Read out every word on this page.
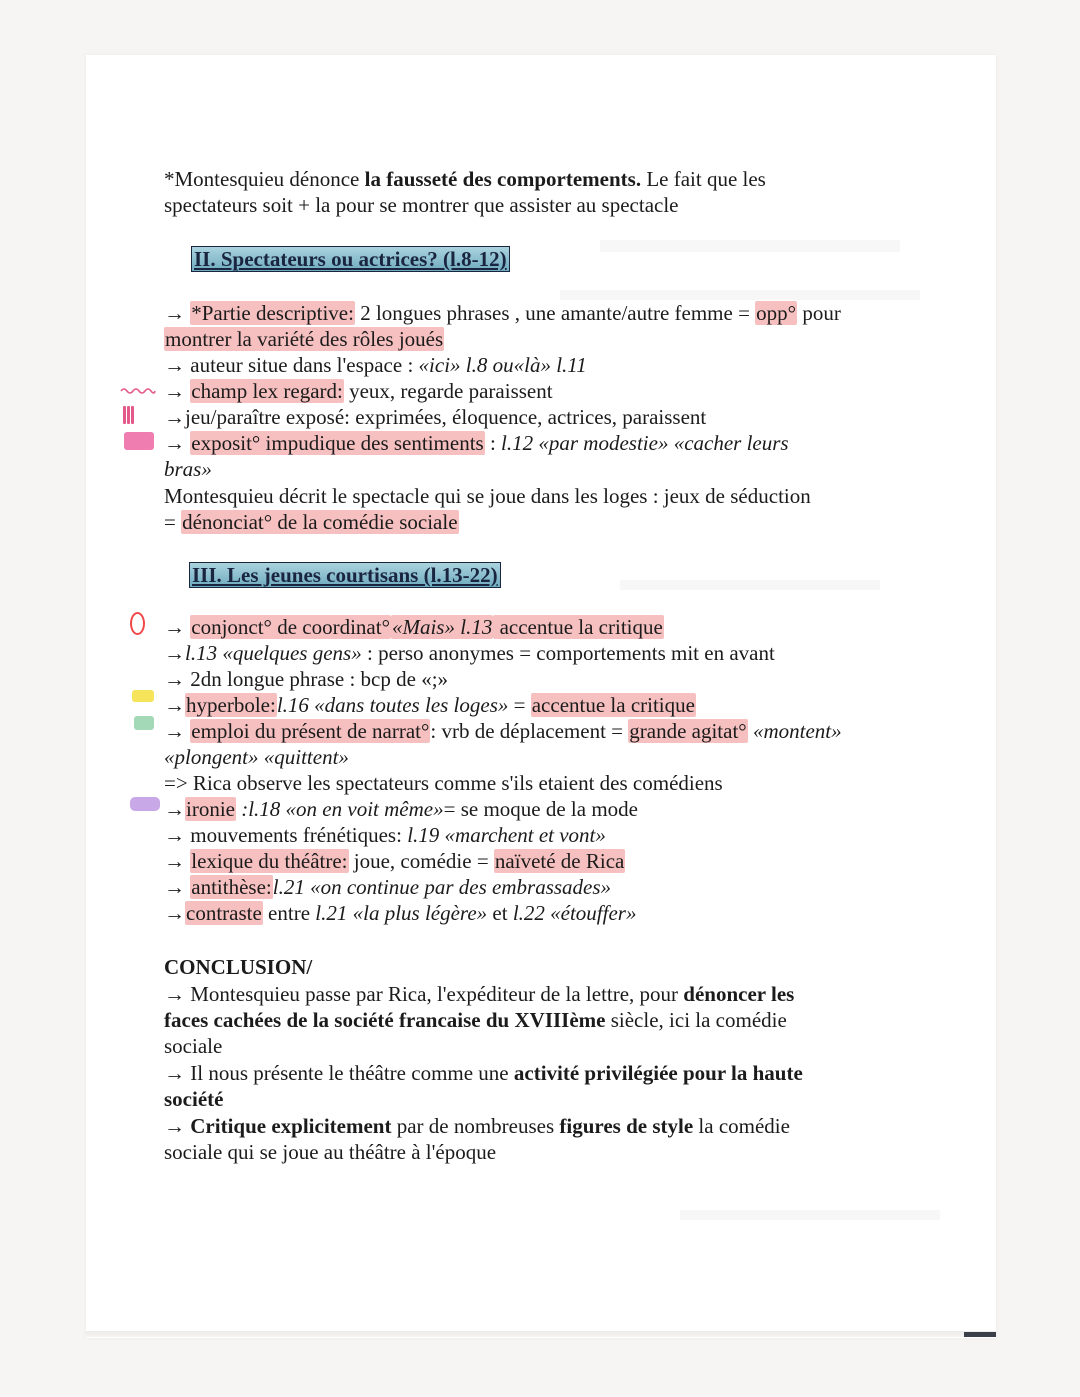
*Montesquieu dénonce la fausseté des comportements. Le fait que les
spectateurs soit + la pour se montrer que assister au spectacle
II. Spectateurs ou actrices? (l.8-12)
→ *Partie descriptive: 2 longues phrases , une amante/autre femme = opp° pour
montrer la variété des rôles joués
→ auteur situe dans l'espace : «ici» l.8 ou«là» l.11
→ champ lex regard: yeux, regarde paraissent
→jeu/paraître exposé: exprimées, éloquence, actrices, paraissent
→ exposit° impudique des sentiments : l.12 «par modestie» «cacher leurs
bras»
Montesquieu décrit le spectacle qui se joue dans les loges : jeux de séduction
= dénonciat° de la comédie sociale
III. Les jeunes courtisans (l.13-22)
→ conjonct° de coordinat°«Mais» l.13 accentue la critique
→l.13 «quelques gens» : perso anonymes = comportements mit en avant
→ 2dn longue phrase : bcp de «;»
→hyperbole:l.16 «dans toutes les loges» = accentue la critique
→ emploi du présent de narrat°: vrb de déplacement = grande agitat° «montent»
«plongent» «quittent»
=> Rica observe les spectateurs comme s'ils etaient des comédiens
→ironie :l.18 «on en voit même»= se moque de la mode
→ mouvements frénétiques: l.19 «marchent et vont»
→ lexique du théâtre: joue, comédie = naïveté de Rica
→ antithèse:l.21 «on continue par des embrassades»
→contraste entre l.21 «la plus légère» et l.22 «étouffer»
CONCLUSION/
→ Montesquieu passe par Rica, l'expéditeur de la lettre, pour dénoncer les
faces cachées de la société francaise du XVIIIème siècle, ici la comédie
sociale
→ Il nous présente le théâtre comme une activité privilégiée pour la haute
société
→ Critique explicitement par de nombreuses figures de style la comédie
sociale qui se joue au théâtre à l'époque
